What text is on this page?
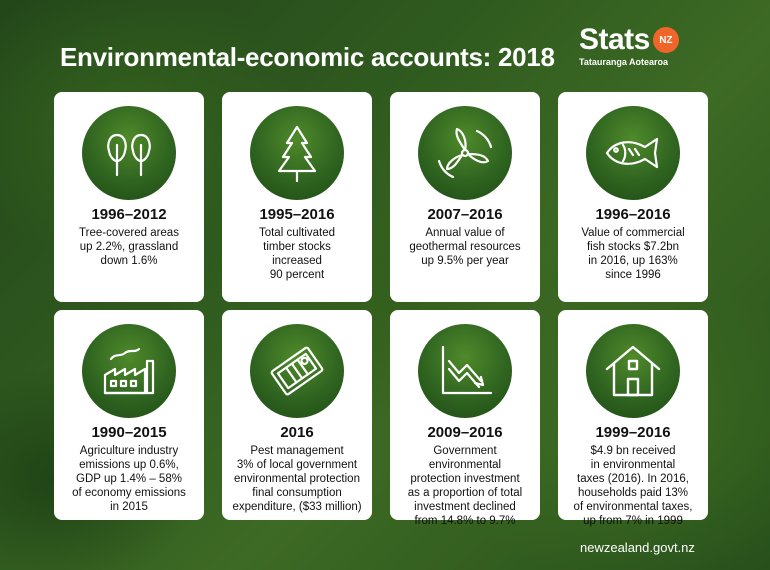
Environmental-economic accounts: 2018
Stats NZ
Tatauranga Aotearoa
1996–2012
Tree-covered areas
up 2.2%, grassland
down 1.6%
1995–2016
Total cultivated
timber stocks
increased
90 percent
2007–2016
Annual value of
geothermal resources
up 9.5% per year
1996–2016
Value of commercial
fish stocks $7.2bn
in 2016, up 163%
since 1996
1990–2015
Agriculture industry
emissions up 0.6%,
GDP up 1.4% – 58%
of economy emissions
in 2015
2016
Pest management
3% of local government
environmental protection
final consumption
expenditure, ($33 million)
2009–2016
Government
environmental
protection investment
as a proportion of total
investment declined
from 14.8% to 9.7%
1999–2016
$4.9 bn received
in environmental
taxes (2016). In 2016,
households paid 13%
of environmental taxes,
up from 7% in 1999
newzealand.govt.nz
